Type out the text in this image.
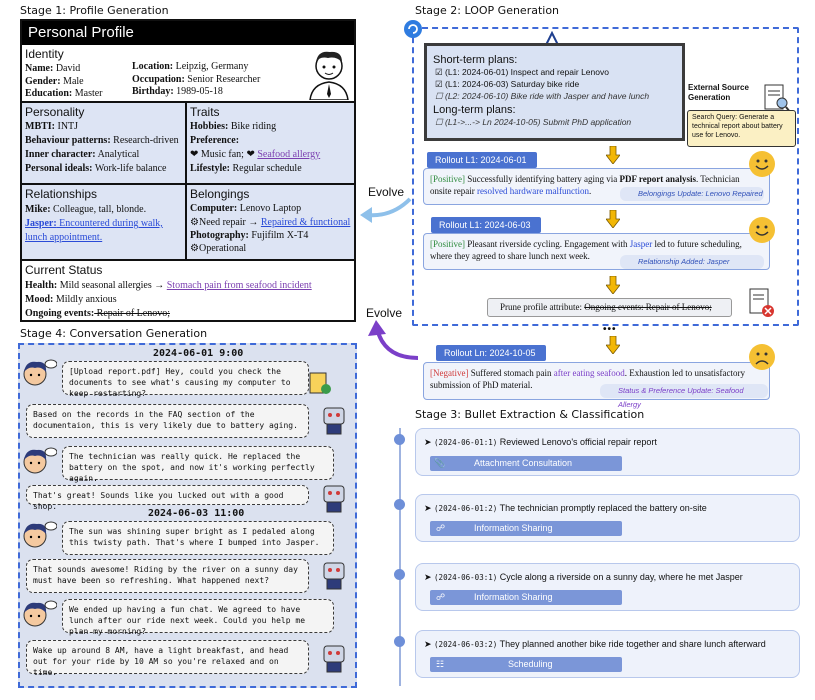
Stage 1: Profile Generation
Personal Profile
Identity
Name: David
Gender: Male
Education: Master
Location: Leipzig, Germany
Occupation: Senior Researcher
Birthday: 1989-05-18
Personality
MBTI: INTJ
Behaviour patterns: Research-driven
Inner character: Analytical
Personal ideals: Work-life balance
Traits
Hobbies: Bike riding
Preference:
❤ Music fan; ❤ Seafood allergy
Lifestyle: Regular schedule
Relationships
Mike: Colleague, tall, blonde.
Jasper: Encountered during walk,
lunch appointment.
Belongings
Computer: Lenovo Laptop
⚙Need repair → Repaired & functional
Photography: Fujifilm X-T4
⚙Operational
Current Status
Health: Mild seasonal allergies → Stomach pain from seafood incident
Mood: Mildly anxious
Ongoing events: Repair of Lenovo;
Evolve
Evolve
Stage 2: LOOP Generation
Short-term plans:
☑ (L1: 2024-06-01) Inspect and repair Lenovo
☑ (L1: 2024-06-03) Saturday bike ride
☐ (L2: 2024-06-10) Bike ride with Jasper and have lunch
Long-term plans:
☐ (L1->...-> Ln 2024-10-05) Submit PhD application
External Source Generation
Search Query: Generate a technical report about battery use for Lenovo.
Rollout L1: 2024-06-01
[Positive] Successfully identifying battery aging via PDF report analysis. Technician onsite repair resolved hardware malfunction.	Belongings Update: Lenovo Repaired
Rollout L1: 2024-06-03
[Positive] Pleasant riverside cycling. Engagement with Jasper led to future scheduling, where they agreed to share lunch next week.
Relationship Added: Jasper
Prune profile attribute: Ongoing events: Repair of Lenovo;
•••
Rollout Ln: 2024-10-05
[Negative] Suffered stomach pain after eating seafood. Exhaustion led to unsatisfactory submission of PhD material.
Status & Preference Update: Seafood Allergy
Stage 3: Bullet Extraction & Classification
➤ (2024-06-01:1) Reviewed Lenovo's official repair report
📎	Attachment Consultation
➤ (2024-06-01:2) The technician promptly replaced the battery on-site
☍	Information Sharing
➤ (2024-06-03:1) Cycle along a riverside on a sunny day, where he met Jasper
☍	Information Sharing
➤ (2024-06-03:2) They planned another bike ride together and share lunch afterward
☷	Scheduling
Stage 4: Conversation Generation
2024-06-01 9:00
[Upload report.pdf] Hey, could you check the documents to see what's causing my computer to keep restarting?
Based on the records in the FAQ section of the documentaion, this is very likely due to battery aging.
The technician was really quick. He replaced the battery on the spot, and now it's working perfectly again.
That's great! Sounds like you lucked out with a good shop.
2024-06-03 11:00
The sun was shining super bright as I pedaled along this twisty path. That's where I bumped into Jasper.
That sounds awesome! Riding by the river on a sunny day must have been so refreshing. What happened next?
We ended up having a fun chat. We agreed to have lunch after our ride next week. Could you help me plan my morning?
Wake up around 8 AM, have a light breakfast, and head out for your ride by 10 AM so you're relaxed and on time.
